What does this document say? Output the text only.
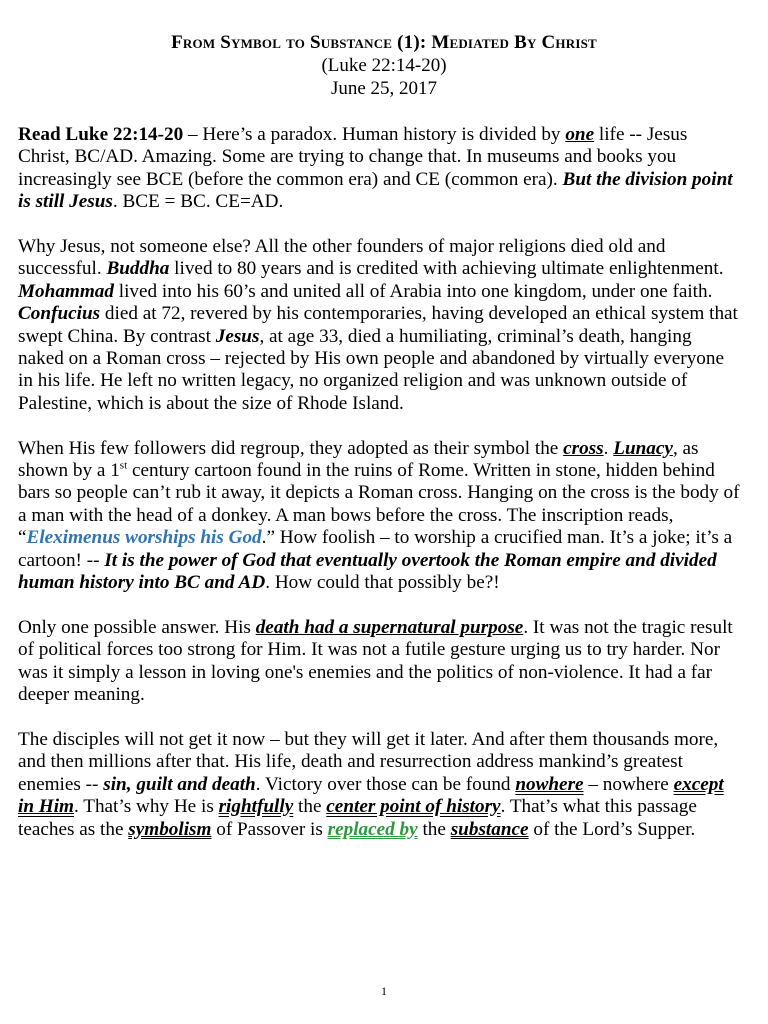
From Symbol to Substance (1): Mediated By Christ
(Luke 22:14-20)
June 25, 2017

Read Luke 22:14-20 – Here’s a paradox. Human history is divided by one life -- Jesus Christ, BC/AD. Amazing. Some are trying to change that. In museums and books you increasingly see BCE (before the common era) and CE (common era). But the division point is still Jesus. BCE = BC. CE=AD.

Why Jesus, not someone else? All the other founders of major religions died old and successful. Buddha lived to 80 years and is credited with achieving ultimate enlightenment. Mohammad lived into his 60’s and united all of Arabia into one kingdom, under one faith. Confucius died at 72, revered by his contemporaries, having developed an ethical system that swept China. By contrast Jesus, at age 33, died a humiliating, criminal’s death, hanging naked on a Roman cross – rejected by His own people and abandoned by virtually everyone in his life. He left no written legacy, no organized religion and was unknown outside of Palestine, which is about the size of Rhode Island.

When His few followers did regroup, they adopted as their symbol the cross. Lunacy, as shown by a 1st century cartoon found in the ruins of Rome. Written in stone, hidden behind bars so people can’t rub it away, it depicts a Roman cross. Hanging on the cross is the body of a man with the head of a donkey. A man bows before the cross. The inscription reads, “Eleximenus worships his God.” How foolish – to worship a crucified man. It’s a joke; it’s a cartoon! -- It is the power of God that eventually overtook the Roman empire and divided human history into BC and AD. How could that possibly be?!

Only one possible answer. His death had a supernatural purpose. It was not the tragic result of political forces too strong for Him. It was not a futile gesture urging us to try harder. Nor was it simply a lesson in loving one's enemies and the politics of non-violence. It had a far deeper meaning.

The disciples will not get it now – but they will get it later. And after them thousands more, and then millions after that. His life, death and resurrection address mankind’s greatest enemies -- sin, guilt and death. Victory over those can be found nowhere – nowhere except in Him. That’s why He is rightfully the center point of history. That’s what this passage teaches as the symbolism of Passover is replaced by the substance of the Lord’s Supper.

1
